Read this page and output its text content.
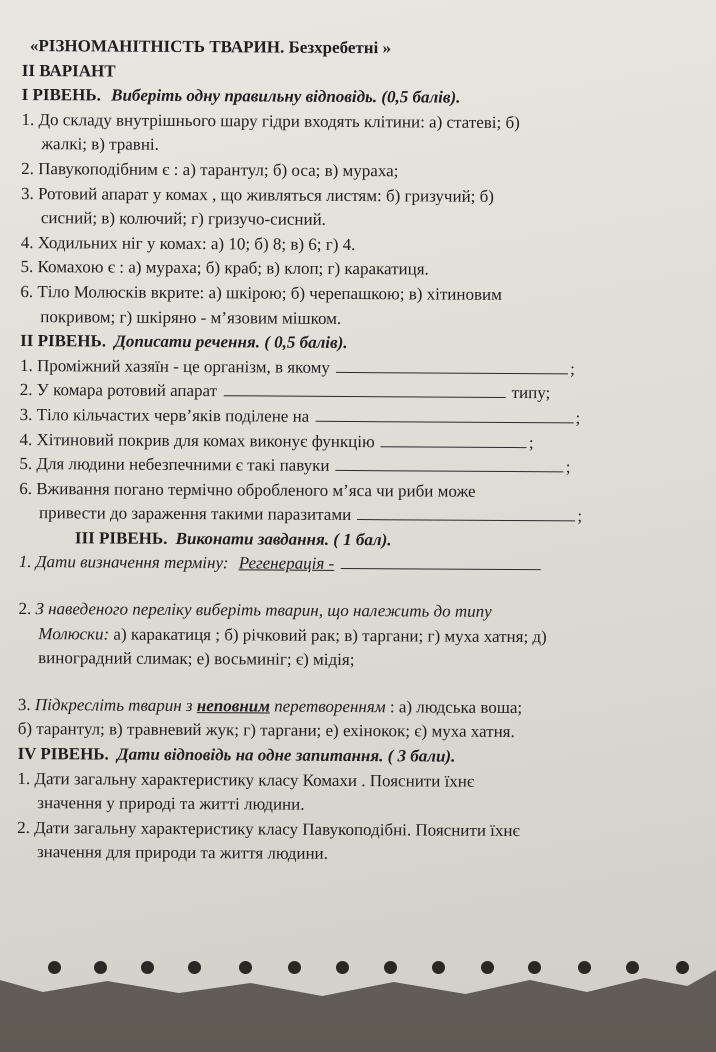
«РІЗНОМАНІТНІСТЬ ТВАРИН. Безхребетні »
II ВАРІАНТ
I РІВЕНЬ. Виберіть одну правильну відповідь. (0,5 балів).
1. До складу внутрішнього шару гідри входять клітини: а) статеві; б)
жалкі; в) травні.
2. Павукоподібним є : а) тарантул; б) оса; в) мураха;
3. Ротовий апарат у комах , що живляться листям: б) гризучий; б)
сисний; в) колючий; г) гризучо-сисний.
4. Ходильних ніг у комах: а) 10; б) 8; в) 6; г) 4.
5. Комахою є : а) мураха; б) краб; в) клоп; г) каракатиця.
6. Тіло Молюсків вкрите: а) шкірою; б) черепашкою; в) хітиновим
покривом; г) шкіряно - м’язовим мішком.
II РІВЕНЬ. Дописати речення. ( 0,5 балів).
1. Проміжний хазяїн - це організм, в якому	;
2. У комара ротовий апарат	типу;
3. Тіло кільчастих черв’яків поділене на	;
4. Хітиновий покрив для комах виконує функцію	;
5. Для людини небезпечними є такі павуки	;
6. Вживання погано термічно обробленого м’яса чи риби може
привести до зараження такими паразитами	;
III РІВЕНЬ. Виконати завдання. ( 1 бал).
1. Дати визначення терміну: Регенерація -
2. З наведеного переліку виберіть тварин, що належить до типу
Молюски: а) каракатиця ; б) річковий рак; в) таргани; г) муха хатня; д)
виноградний слимак; е) восьминіг; є) мідія;
3. Підкресліть тварин з неповним перетворенням : а) людська воша;
б) тарантул; в) травневий жук; г) таргани; е) ехінокок; є) муха хатня.
IV РІВЕНЬ. Дати відповідь на одне запитання. ( 3 бали).
1. Дати загальну характеристику класу Комахи . Пояснити їхнє
значення у природі та житті людини.
2. Дати загальну характеристику класу Павукоподібні. Пояснити їхнє
значення для природи та життя людини.
